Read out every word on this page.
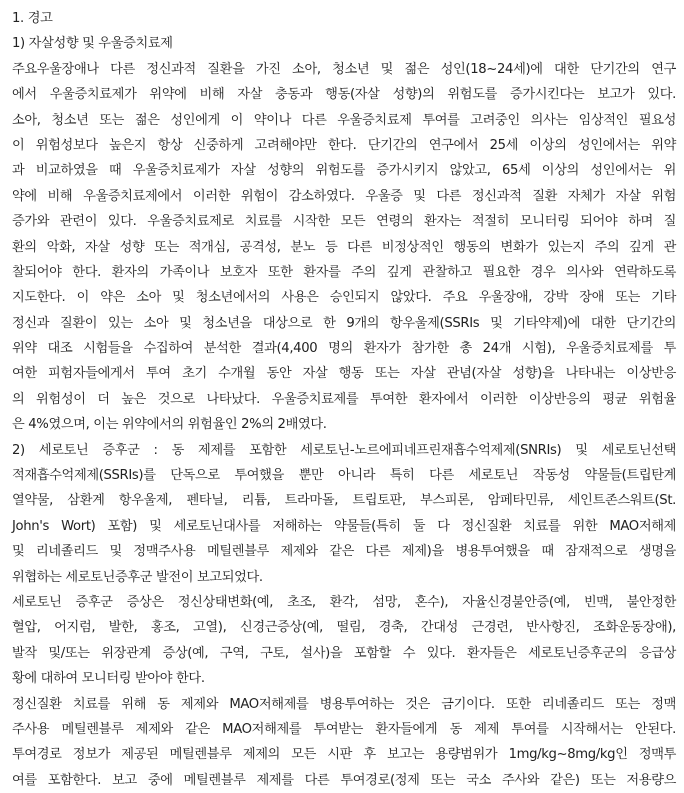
1. 경고
1) 자살성향 및 우울증치료제
주요우울장애나 다른 정신과적 질환을 가진 소아, 청소년 및 젊은 성인(18~24세)에 대한 단기간의 연구
에서 우울증치료제가 위약에 비해 자살 충동과 행동(자살 성향)의 위험도를 증가시킨다는 보고가 있다.
소아, 청소년 또는 젊은 성인에게 이 약이나 다른 우울증치료제 투여를 고려중인 의사는 임상적인 필요성
이 위험성보다 높은지 항상 신중하게 고려해야만 한다. 단기간의 연구에서 25세 이상의 성인에서는 위약
과 비교하였을 때 우울증치료제가 자살 성향의 위험도를 증가시키지 않았고, 65세 이상의 성인에서는 위
약에 비해 우울증치료제에서 이러한 위험이 감소하였다. 우울증 및 다른 정신과적 질환 자체가 자살 위험
증가와 관련이 있다. 우울증치료제로 치료를 시작한 모든 연령의 환자는 적절히 모니터링 되어야 하며 질
환의 악화, 자살 성향 또는 적개심, 공격성, 분노 등 다른 비정상적인 행동의 변화가 있는지 주의 깊게 관
찰되어야 한다. 환자의 가족이나 보호자 또한 환자를 주의 깊게 관찰하고 필요한 경우 의사와 연락하도록
지도한다. 이 약은 소아 및 청소년에서의 사용은 승인되지 않았다. 주요 우울장애, 강박 장애 또는 기타
정신과 질환이 있는 소아 및 청소년을 대상으로 한 9개의 항우울제(SSRIs 및 기타약제)에 대한 단기간의
위약 대조 시험들을 수집하여 분석한 결과(4,400 명의 환자가 참가한 총 24개 시험), 우울증치료제를 투
여한 피험자들에게서 투여 초기 수개월 동안 자살 행동 또는 자살 관념(자살 성향)을 나타내는 이상반응
의 위험성이 더 높은 것으로 나타났다. 우울증치료제를 투여한 환자에서 이러한 이상반응의 평균 위험율
은 4%였으며, 이는 위약에서의 위험율인 2%의 2배였다.
2) 세로토닌 증후군 : 동 제제를 포함한 세로토닌-노르에피네프린재흡수억제제(SNRIs) 및 세로토닌선택
적재흡수억제제(SSRIs)를 단독으로 투여했을 뿐만 아니라 특히 다른 세로토닌 작동성 약물들(트립탄계
열약물, 삼환계 항우울제, 펜타닐, 리튬, 트라마돌, 트립토판, 부스피론, 암페타민류, 세인트존스워트(St.
John's Wort) 포함) 및 세로토닌대사를 저해하는 약물들(특히 둘 다 정신질환 치료를 위한 MAO저해제
및 리네졸리드 및 정맥주사용 메틸렌블루 제제와 같은 다른 제제)을 병용투여했을 때 잠재적으로 생명을
위협하는 세로토닌증후군 발전이 보고되었다.
세로토닌 증후군 증상은 정신상태변화(예, 초조, 환각, 섬망, 혼수), 자율신경불안증(예, 빈맥, 불안정한
혈압, 어지럼, 발한, 홍조, 고열), 신경근증상(예, 떨림, 경축, 간대성 근경련, 반사항진, 조화운동장애),
발작 및/또는 위장관계 증상(예, 구역, 구토, 설사)을 포함할 수 있다. 환자들은 세로토닌증후군의 응급상
황에 대하여 모니터링 받아야 한다.
정신질환 치료를 위해 동 제제와 MAO저해제를 병용투여하는 것은 금기이다. 또한 리네졸리드 또는 정맥
주사용 메틸렌블루 제제와 같은 MAO저해제를 투여받는 환자들에게 동 제제 투여를 시작해서는 안된다.
투여경로 정보가 제공된 메틸렌블루 제제의 모든 시판 후 보고는 용량범위가 1mg/kg~8mg/kg인 정맥투
여를 포함한다. 보고 중에 메틸렌블루 제제를 다른 투여경로(정제 또는 국소 주사와 같은) 또는 저용량으
